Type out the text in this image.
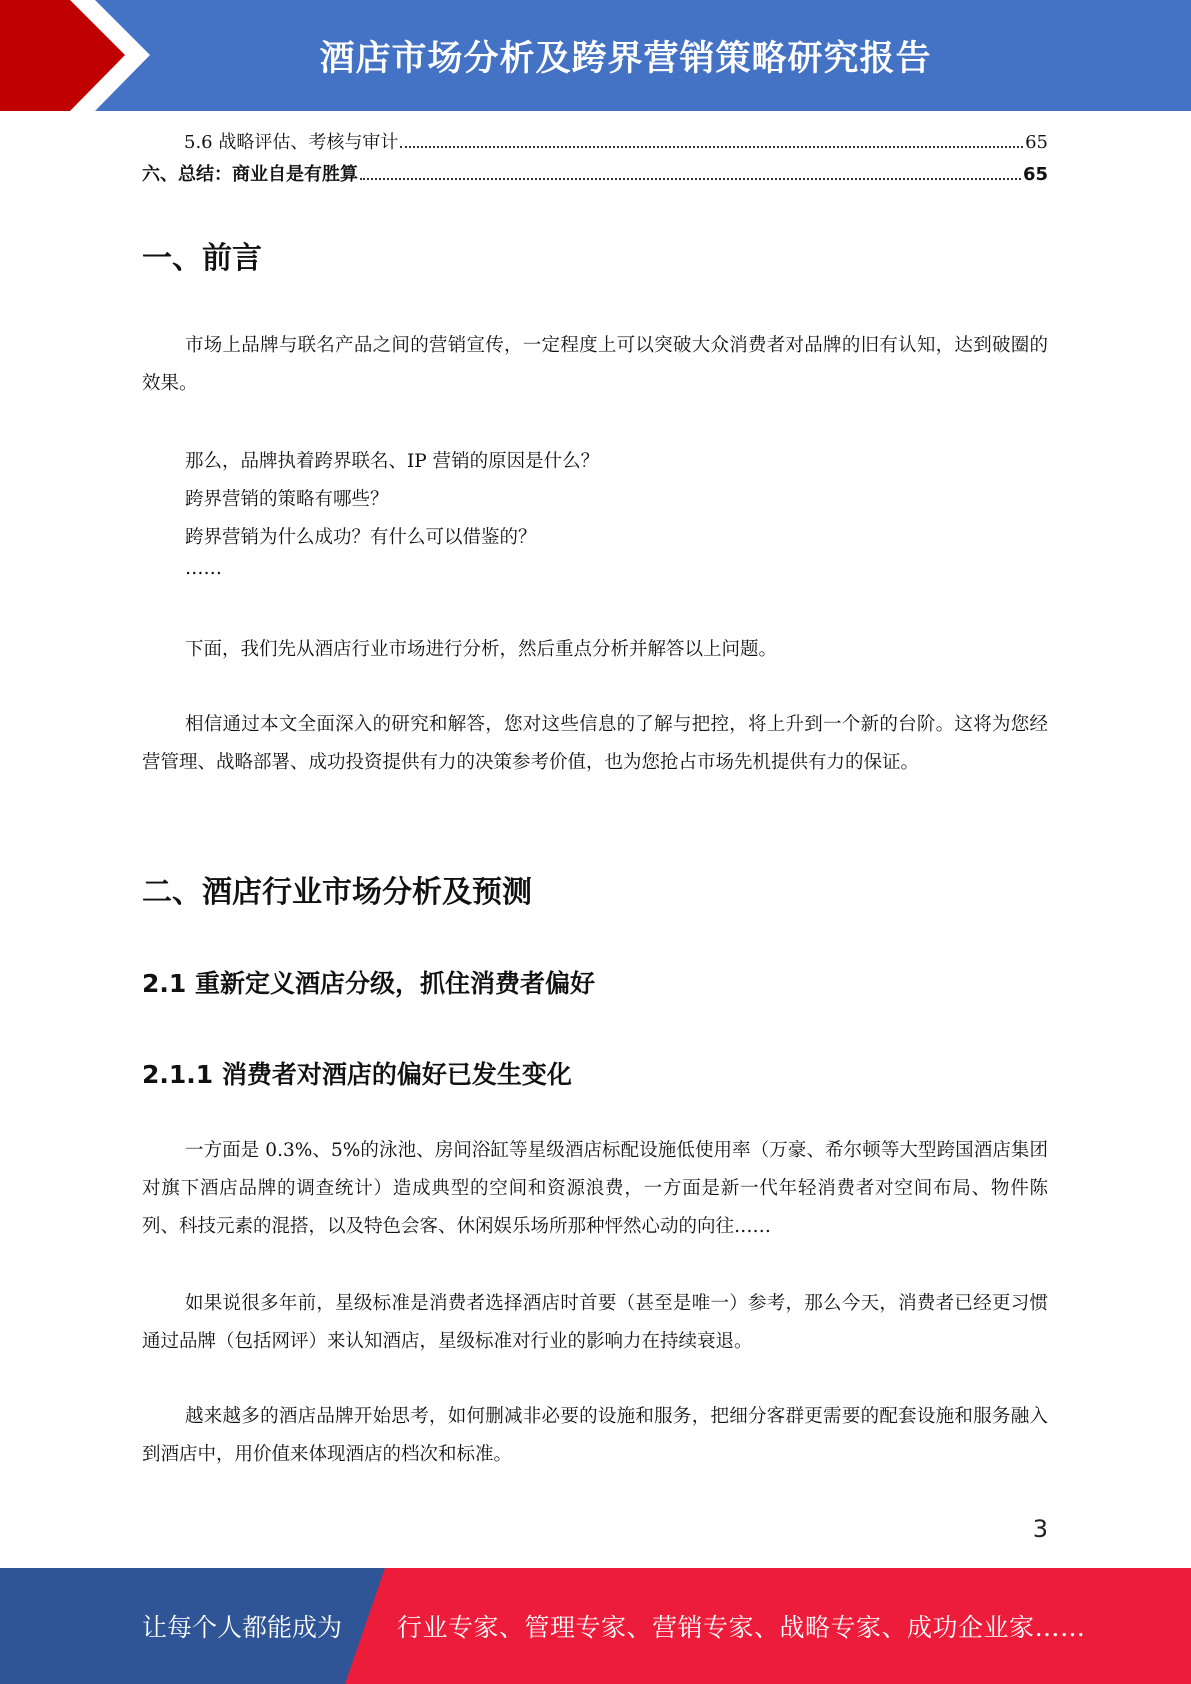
酒店市场分析及跨界营销策略研究报告
5.6 战略评估、考核与审计	65
六、总结：商业自是有胜算	65
一、前言

市场上品牌与联名产品之间的营销宣传，一定程度上可以突破大众消费者对品牌的旧有认知，达到破圈的效果。

那么，品牌执着跨界联名、IP 营销的原因是什么？

跨界营销的策略有哪些？

跨界营销为什么成功？有什么可以借鉴的？

……

下面，我们先从酒店行业市场进行分析，然后重点分析并解答以上问题。

相信通过本文全面深入的研究和解答，您对这些信息的了解与把控，将上升到一个新的台阶。这将为您经营管理、战略部署、成功投资提供有力的决策参考价值，也为您抢占市场先机提供有力的保证。

二、酒店行业市场分析及预测
2.1 重新定义酒店分级，抓住消费者偏好
2.1.1 消费者对酒店的偏好已发生变化

一方面是 0.3%、5%的泳池、房间浴缸等星级酒店标配设施低使用率（万豪、希尔顿等大型跨国酒店集团对旗下酒店品牌的调查统计）造成典型的空间和资源浪费，一方面是新一代年轻消费者对空间布局、物件陈列、科技元素的混搭，以及特色会客、休闲娱乐场所那种怦然心动的向往……

如果说很多年前，星级标准是消费者选择酒店时首要（甚至是唯一）参考，那么今天，消费者已经更习惯通过品牌（包括网评）来认知酒店，星级标准对行业的影响力在持续衰退。

越来越多的酒店品牌开始思考，如何删减非必要的设施和服务，把细分客群更需要的配套设施和服务融入到酒店中，用价值来体现酒店的档次和标准。

3
让每个人都能成为 行业专家、管理专家、营销专家、战略专家、成功企业家……
